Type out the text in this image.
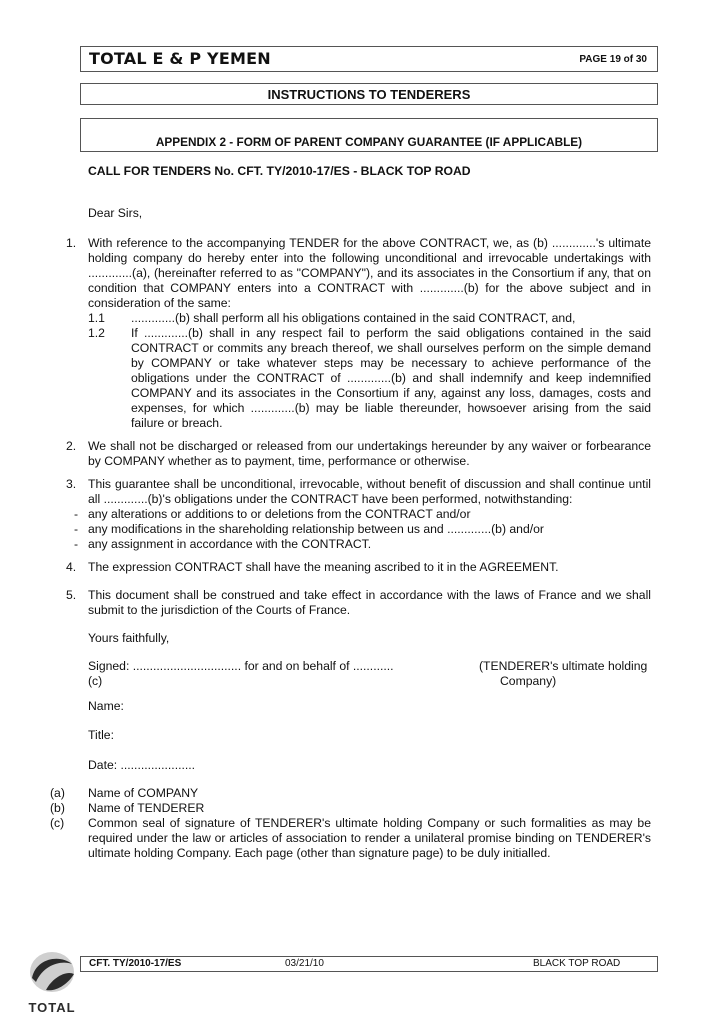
TOTAL E & P YEMEN	PAGE 19 of 30
INSTRUCTIONS TO TENDERERS
APPENDIX 2 - FORM OF PARENT COMPANY GUARANTEE (IF APPLICABLE)
CALL FOR TENDERS No. CFT. TY/2010-17/ES - BLACK TOP ROAD
Dear Sirs,
1. With reference to the accompanying TENDER for the above CONTRACT, we, as (b) .............'s ultimate
holding company do hereby enter into the following unconditional and irrevocable undertakings with
.............(a), (hereinafter referred to as "COMPANY"), and its associates in the Consortium if any, that on
condition that COMPANY enters into a CONTRACT with .............(b) for the above subject and in
consideration of the same:
1.1 .............(b) shall perform all his obligations contained in the said CONTRACT, and,
1.2 If .............(b) shall in any respect fail to perform the said obligations contained in the said
CONTRACT or commits any breach thereof, we shall ourselves perform on the simple demand
by COMPANY or take whatever steps may be necessary to achieve performance of the
obligations under the CONTRACT of .............(b) and shall indemnify and keep indemnified
COMPANY and its associates in the Consortium if any, against any loss, damages, costs and
expenses, for which .............(b) may be liable thereunder, howsoever arising from the said
failure or breach.
2. We shall not be discharged or released from our undertakings hereunder by any waiver or forbearance
by COMPANY whether as to payment, time, performance or otherwise.
3. This guarantee shall be unconditional, irrevocable, without benefit of discussion and shall continue until
all .............(b)'s obligations under the CONTRACT have been performed, notwithstanding:
- any alterations or additions to or deletions from the CONTRACT and/or
- any modifications in the shareholding relationship between us and .............(b) and/or
- any assignment in accordance with the CONTRACT.
4. The expression CONTRACT shall have the meaning ascribed to it in the AGREEMENT.
5. This document shall be construed and take effect in accordance with the laws of France and we shall
submit to the jurisdiction of the Courts of France.
Yours faithfully,
Signed: ................................ for and on behalf of ............
(c)
(TENDERER's ultimate holding
Company)
Name:
Title:
Date: ......................
(a) Name of COMPANY
(b) Name of TENDERER
(c) Common seal of signature of TENDERER's ultimate holding Company or such formalities as may be
required under the law or articles of association to render a unilateral promise binding on TENDERER's
ultimate holding Company. Each page (other than signature page) to be duly initialled.
CFT. TY/2010-17/ES	03/21/10	BLACK TOP ROAD
TOTAL
